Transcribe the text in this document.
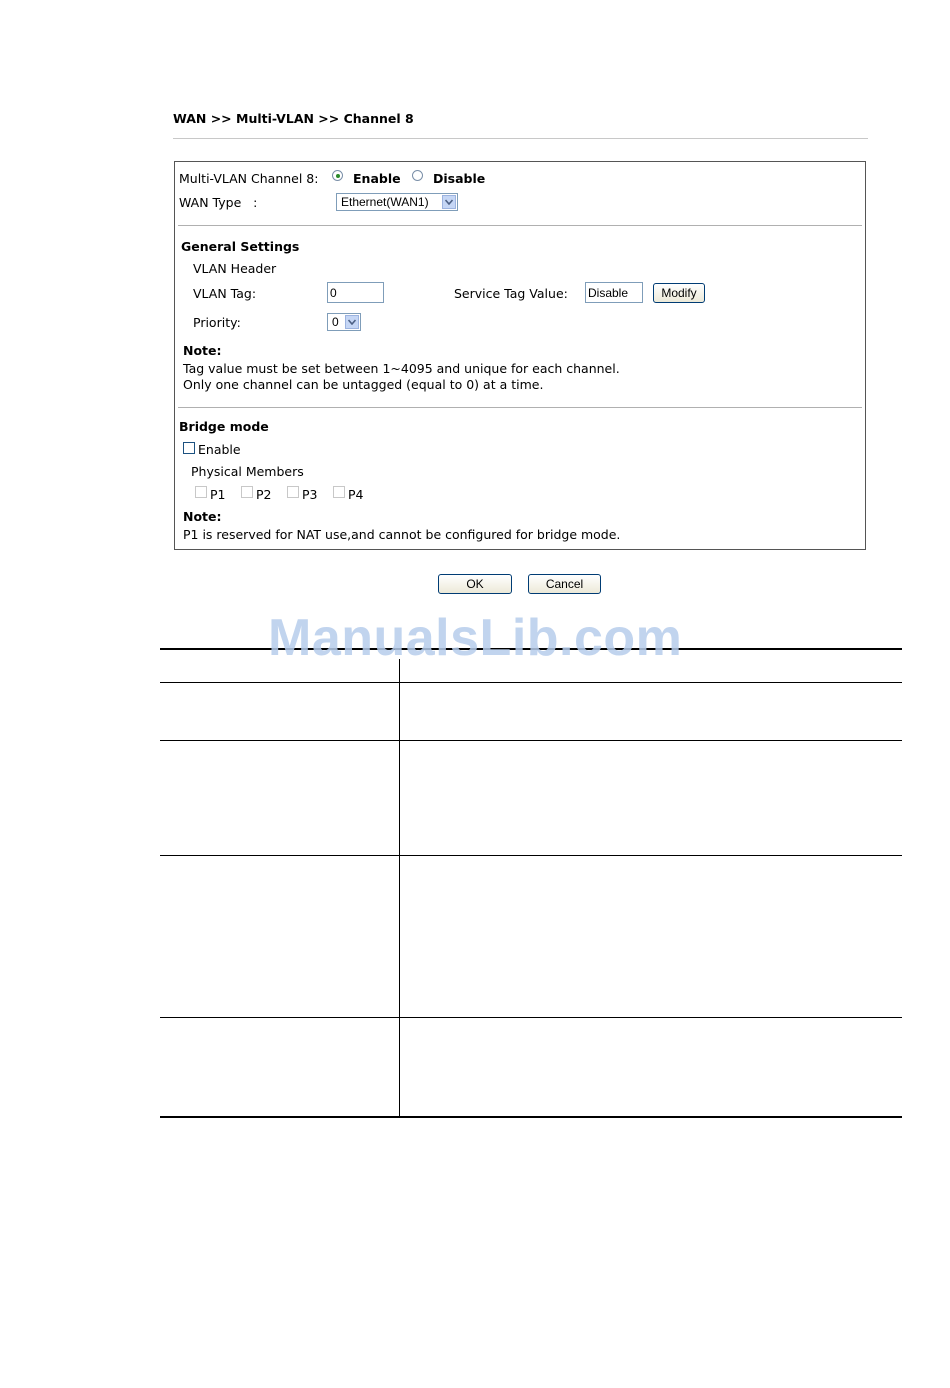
WAN >> Multi-VLAN >> Channel 8
Multi-VLAN Channel 8:	Enable	Disable
WAN Type   :	Ethernet(WAN1)
General Settings
VLAN Header
VLAN Tag:	0	Service Tag Value: Disable	Modify
Priority:	0
Note:
Tag value must be set between 1~4095 and unique for each channel.
Only one channel can be untagged (equal to 0) at a time.
Bridge mode
Enable
Physical Members
P1 P2 P3 P4
Note:
P1 is reserved for NAT use,and cannot be configured for bridge mode.
OK	Cancel
ManualsLib.com
